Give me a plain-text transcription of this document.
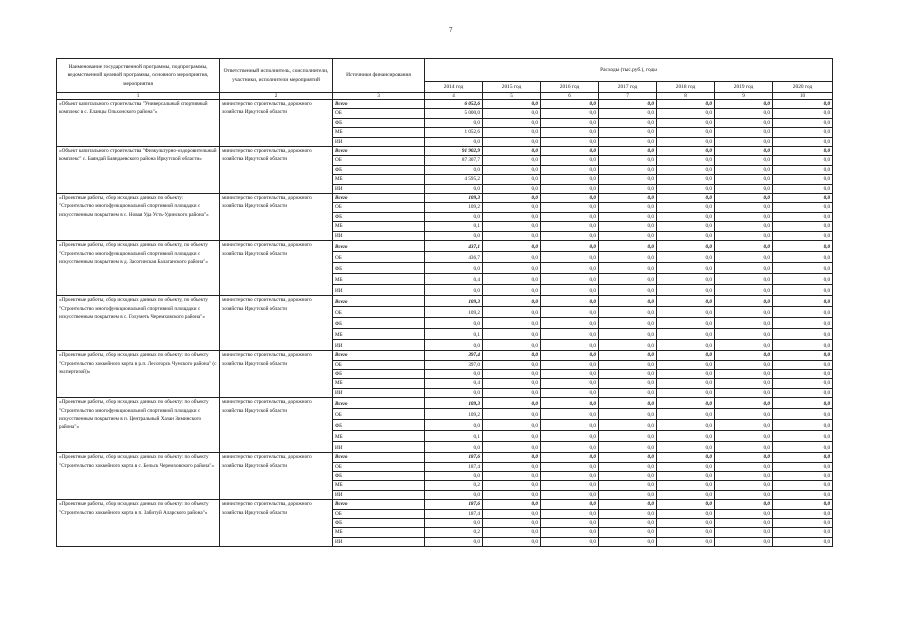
7
Наименование государственной программы, подпрограммы, ведомственной целевой программы, основного мероприятия, мероприятия	Ответственный исполнитель, соисполнители, участники, исполнители мероприятий	Источники финансирования	Расходы (тыс.руб.), годы						
			2014 год	2015 год	2016 год	2017 год	2018 год	2019 год	2020 год
1	2	3	4	5	6	7	8	9	10
«Объект капитального строительства "Универсальный спортивный комплекс в с. Еланцы Ольхонского района"»	министерство строительства, дорожного хозяйства Иркутской области	Всего	6 052,6	0,0	0,0	0,0	0,0	0,0	0,0
		ОБ	5 000,0	0,0	0,0	0,0	0,0	0,0	0,0
		ФБ	0,0	0,0	0,0	0,0	0,0	0,0	0,0
		МБ	1 052,6	0,0	0,0	0,0	0,0	0,0	0,0
		ИИ	0,0	0,0	0,0	0,0	0,0	0,0	0,0
«Объект капитального строительства "Физкультурно-оздоровительный комплекс" с. Баяндай Баяндаевского района Иркутской области»	министерство строительства, дорожного хозяйства Иркутской области	Всего	91 902,9	0,0	0,0	0,0	0,0	0,0	0,0
		ОБ	87 307,7	0,0	0,0	0,0	0,0	0,0	0,0
		ФБ	0,0	0,0	0,0	0,0	0,0	0,0	0,0
		МБ	4 595,2	0,0	0,0	0,0	0,0	0,0	0,0
		ИИ	0,0	0,0	0,0	0,0	0,0	0,0	0,0
«Проектные работы, сбор исходных данных по объекту: "Строительство многофункциональной спортивной площадки с искусственным покрытием в с. Новая Уда Усть-Удинского района"»	министерство строительства, дорожного хозяйства Иркутской области	Всего	109,3	0,0	0,0	0,0	0,0	0,0	0,0
		ОБ	109,2	0,0	0,0	0,0	0,0	0,0	0,0
		ФБ	0,0	0,0	0,0	0,0	0,0	0,0	0,0
		МБ	0,1	0,0	0,0	0,0	0,0	0,0	0,0
		ИИ	0,0	0,0	0,0	0,0	0,0	0,0	0,0
«Проектные работы, сбор исходных данных по объекту, по объекту "Строительство многофункциональной спортивной площадки с искусственным покрытием в д. Засогинская Балаганского района"»	министерство строительства, дорожного хозяйства Иркутской области	Всего	437,1	0,0	0,0	0,0	0,0	0,0	0,0
		ОБ	436,7	0,0	0,0	0,0	0,0	0,0	0,0
		ФБ	0,0	0,0	0,0	0,0	0,0	0,0	0,0
		МБ	0,4	0,0	0,0	0,0	0,0	0,0	0,0
		ИИ	0,0	0,0	0,0	0,0	0,0	0,0	0,0
«Проектные работы, сбор исходных данных по объекту, по объекту "Строительство многофункциональной спортивной площадки с искусственным покрытием в с. Голуметь Черемховского района"»	министерство строительства, дорожного хозяйства Иркутской области	Всего	109,3	0,0	0,0	0,0	0,0	0,0	0,0
		ОБ	109,2	0,0	0,0	0,0	0,0	0,0	0,0
		ФБ	0,0	0,0	0,0	0,0	0,0	0,0	0,0
		МБ	0,1	0,0	0,0	0,0	0,0	0,0	0,0
		ИИ	0,0	0,0	0,0	0,0	0,0	0,0	0,0
«Проектные работы, сбор исходных данных по объекту: по объекту "Строительство хоккейного корта в р.п. Лесогорск Чунского района" (с экспертизой)»	министерство строительства, дорожного хозяйства Иркутской области	Всего	397,4	0,0	0,0	0,0	0,0	0,0	0,0
		ОБ	397,0	0,0	0,0	0,0	0,0	0,0	0,0
		ФБ	0,0	0,0	0,0	0,0	0,0	0,0	0,0
		МБ	0,4	0,0	0,0	0,0	0,0	0,0	0,0
		ИИ	0,0	0,0	0,0	0,0	0,0	0,0	0,0
«Проектные работы, сбор исходных данных по объекту: по объекту "Строительство многофункциональной спортивной площадки с искусственным покрытием в п. Центральный Хазан Зиминского района"»	министерство строительства, дорожного хозяйства Иркутской области	Всего	109,3	0,0	0,0	0,0	0,0	0,0	0,0
		ОБ	109,2	0,0	0,0	0,0	0,0	0,0	0,0
		ФБ	0,0	0,0	0,0	0,0	0,0	0,0	0,0
		МБ	0,1	0,0	0,0	0,0	0,0	0,0	0,0
		ИИ	0,0	0,0	0,0	0,0	0,0	0,0	0,0
«Проектные работы, сбор исходных данных по объекту: по объекту "Строительство хоккейного корта в с. Бельск Черемховского района"»	министерство строительства, дорожного хозяйства Иркутской области	Всего	187,6	0,0	0,0	0,0	0,0	0,0	0,0
		ОБ	187,4	0,0	0,0	0,0	0,0	0,0	0,0
		ФБ	0,0	0,0	0,0	0,0	0,0	0,0	0,0
		МБ	0,2	0,0	0,0	0,0	0,0	0,0	0,0
		ИИ	0,0	0,0	0,0	0,0	0,0	0,0	0,0
«Проектные работы, сбор исходных данных по объекту: по объекту "Строительство хоккейного корта в п. Забитуй Аларского района"»	министерство строительства, дорожного хозяйства Иркутской области	Всего	187,6	0,0	0,0	0,0	0,0	0,0	0,0
		ОБ	187,4	0,0	0,0	0,0	0,0	0,0	0,0
		ФБ	0,0	0,0	0,0	0,0	0,0	0,0	0,0
		МБ	0,2	0,0	0,0	0,0	0,0	0,0	0,0
		ИИ	0,0	0,0	0,0	0,0	0,0	0,0	0,0
